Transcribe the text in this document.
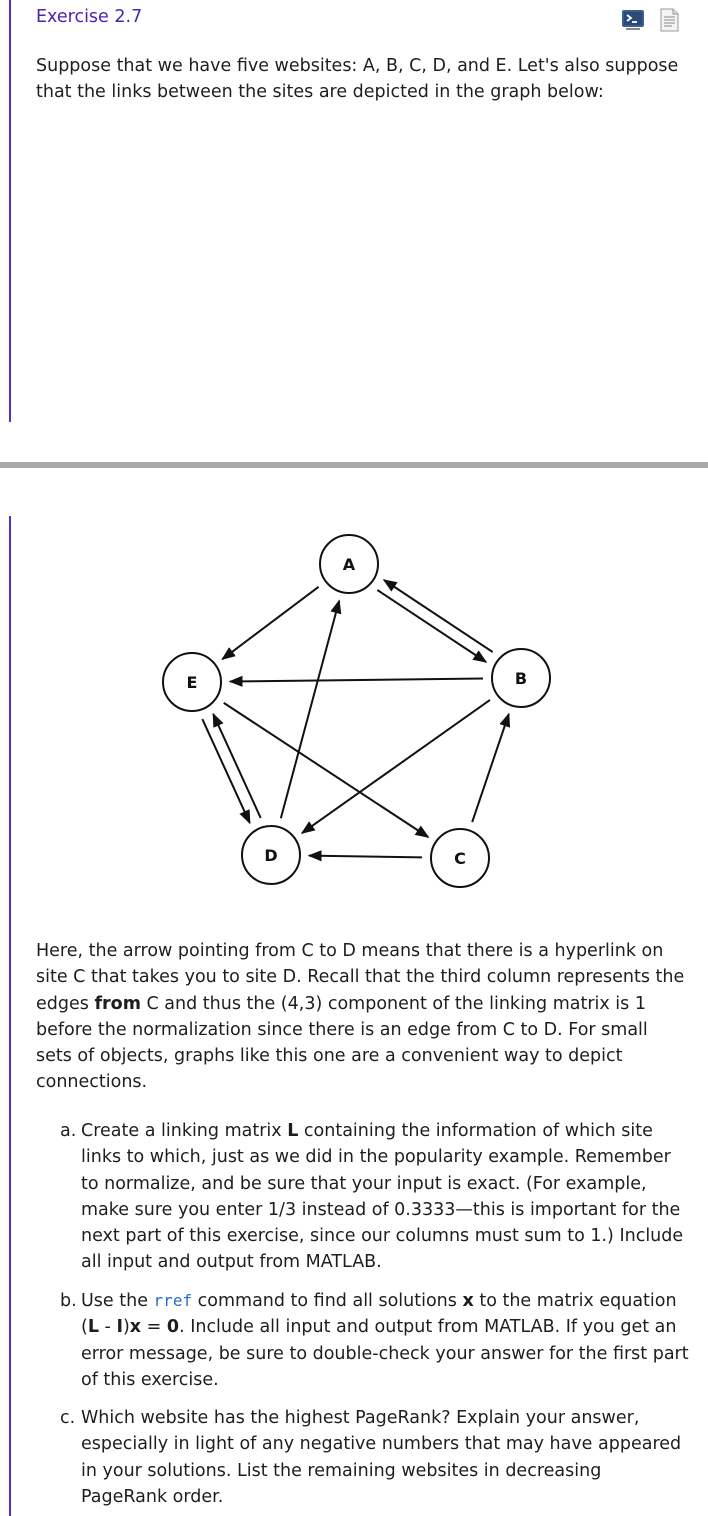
Exercise 2.7

Suppose that we have five websites: A, B, C, D, and E. Let's also suppose that the links between the sites are depicted in the graph below:

A
B
C
D
E

Here, the arrow pointing from C to D means that there is a hyperlink on site C that takes you to site D. Recall that the third column represents the edges from C and thus the (4,3) component of the linking matrix is 1 before the normalization since there is an edge from C to D. For small sets of objects, graphs like this one are a convenient way to depict connections.

a. Create a linking matrix L containing the information of which site links to which, just as we did in the popularity example. Remember to normalize, and be sure that your input is exact. (For example, make sure you enter 1/3 instead of 0.3333—this is important for the next part of this exercise, since our columns must sum to 1.) Include all input and output from MATLAB.
b. Use the rref command to find all solutions x to the matrix equation (L - I)x = 0. Include all input and output from MATLAB. If you get an error message, be sure to double-check your answer for the first part of this exercise.
c. Which website has the highest PageRank? Explain your answer, especially in light of any negative numbers that may have appeared in your solutions. List the remaining websites in decreasing PageRank order.
